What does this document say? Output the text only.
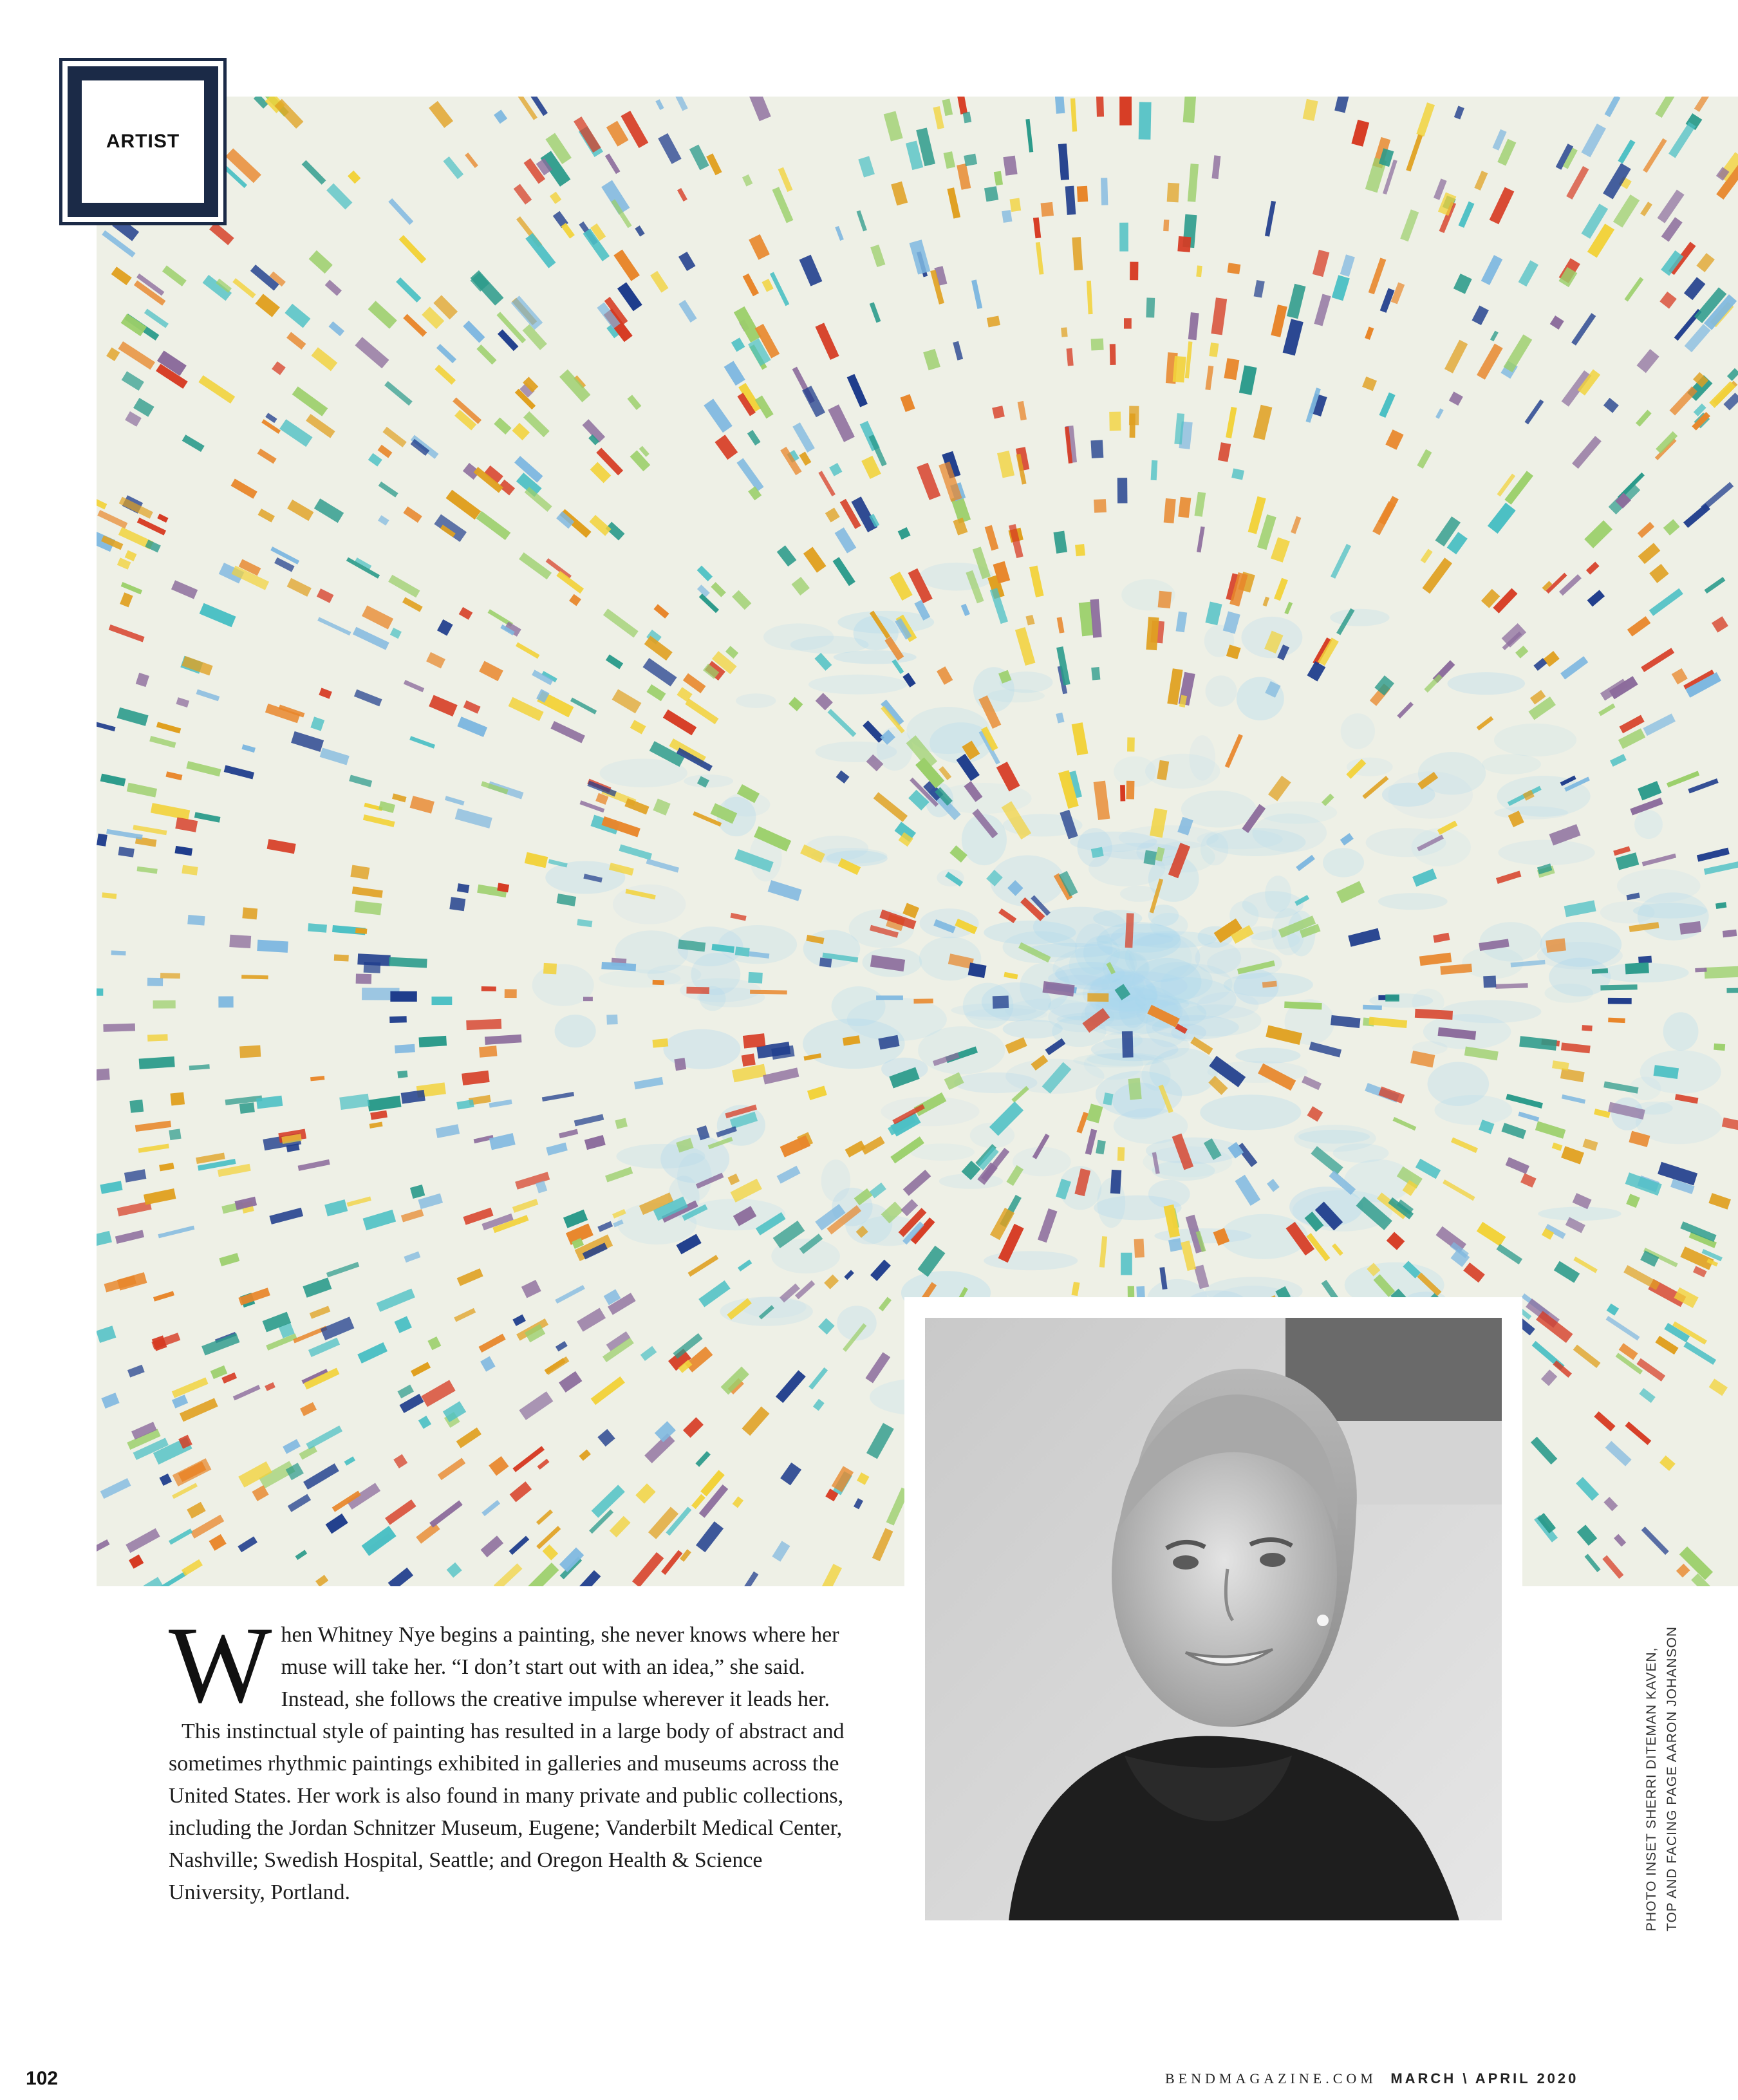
ARTIST

When Whitney Nye begins a painting, she never knows where her muse will take her. “I don’t start out with an idea,” she said. Instead, she follows the creative impulse wherever it leads her.

This instinctual style of painting has resulted in a large body of abstract and sometimes rhythmic paintings exhibited in galleries and museums across the United States. Her work is also found in many private and public collections, including the Jordan Schnitzer Museum, Eugene; Vanderbilt Medical Center, Nashville; Swedish Hospital, Seattle; and Oregon Health & Science University, Portland.	PHOTO INSET SHERRI DITEMAN KAVEN, TOP AND FACING PAGE AARON JOHANSON
102	BENDMAGAZINE.COM MARCH \ APRIL 2020
